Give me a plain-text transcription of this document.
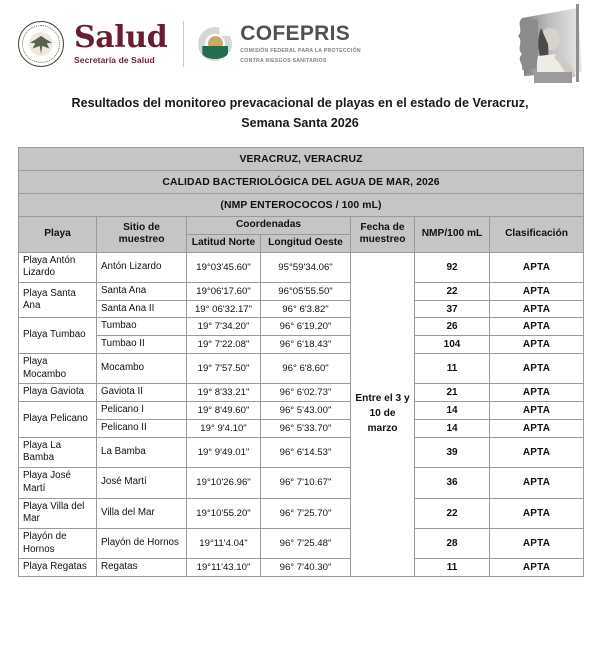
Salud
Secretaría de Salud
COFEPRIS
COMISIÓN FEDERAL PARA LA PROTECCIÓN
CONTRA RIESGOS SANITARIOS
Resultados del monitoreo prevacacional de playas en el estado de Veracruz,
Semana Santa 2026
VERACRUZ, VERACRUZ						
CALIDAD BACTERIOLÓGICA DEL AGUA DE MAR, 2026						
(NMP ENTEROCOCOS / 100 mL)						
Playa	Sitio de muestreo	Coordenadas		Fecha de muestreo	NMP/100 mL	Clasificación
		Latitud Norte	Longitud Oeste			
Playa Antón Lizardo	Antón Lizardo	19°03'45.60"	95°59'34.06"	Entre el 3 y 10 de marzo	92	APTA
Playa Santa Ana	Santa Ana	19°06'17.60"	96°05'55.50"		22	APTA
	Santa Ana II	19° 06'32.17"	96° 6'3.82"		37	APTA
Playa Tumbao	Tumbao	19° 7'34.20"	96° 6'19.20"		26	APTA
	Tumbao II	19° 7'22.08"	96° 6'18.43"		104	APTA
Playa Mocambo	Mocambo	19° 7'57.50"	96° 6'8.60"		11	APTA
Playa Gaviota	Gaviota II	19° 8'33.21"	96° 6'02.73"		21	APTA
Playa Pelicano	Pelicano I	19° 8'49.60"	96° 5'43.00"		14	APTA
	Pelicano II	19° 9'4.10"	96° 5'33.70"		14	APTA
Playa La Bamba	La Bamba	19° 9'49.01"	96° 6'14.53"		39	APTA
Playa José Martí	José Martí	19°10'26.96"	96° 7'10.67"		36	APTA
Playa Villa del Mar	Villa del Mar	19°10'55.20"	96° 7'25.70"		22	APTA
Playón de Hornos	Playón de Hornos	19°11'4.04"	96° 7'25.48"		28	APTA
Playa Regatas	Regatas	19°11'43.10"	96° 7'40.30"		11	APTA
